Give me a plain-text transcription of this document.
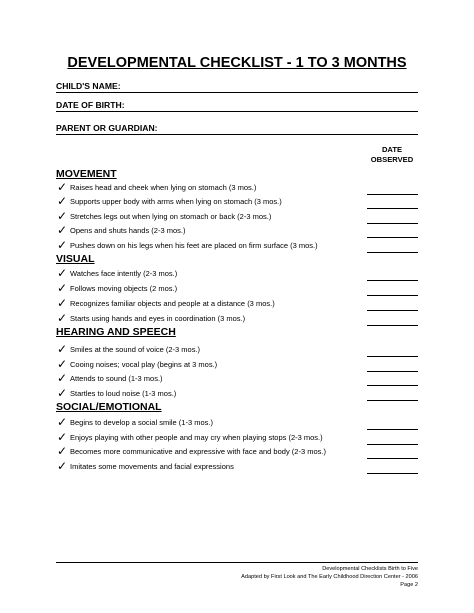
DEVELOPMENTAL CHECKLIST - 1 TO 3 MONTHS
CHILD'S NAME:
DATE OF BIRTH:
PARENT OR GUARDIAN:
DATE
OBSERVED
MOVEMENT
✓ Raises head and cheek when lying on stomach (3 mos.)
✓ Supports upper body with arms when lying on stomach (3 mos.)
✓ Stretches legs out when lying on stomach or back (2-3 mos.)
✓ Opens and shuts hands (2-3 mos.)
✓ Pushes down on his legs when his feet are placed on firm surface (3 mos.)
VISUAL
✓ Watches face intently (2-3 mos.)
✓ Follows moving objects (2 mos.)
✓ Recognizes familiar objects and people at a distance (3 mos.)
✓ Starts using hands and eyes in coordination (3 mos.)
HEARING AND SPEECH
✓ Smiles at the sound of voice (2-3 mos.)
✓ Cooing noises; vocal play (begins at 3 mos.)
✓ Attends to sound (1-3 mos.)
✓ Startles to loud noise (1-3 mos.)
SOCIAL/EMOTIONAL
✓ Begins to develop a social smile (1-3 mos.)
✓ Enjoys playing with other people and may cry when playing stops (2-3 mos.)
✓ Becomes more communicative and expressive with face and body (2-3 mos.)
✓ Imitates some movements and facial expressions
Developmental Checklists Birth to Five
Adapted by First Look and The Early Childhood Direction Center - 2006
Page 2
